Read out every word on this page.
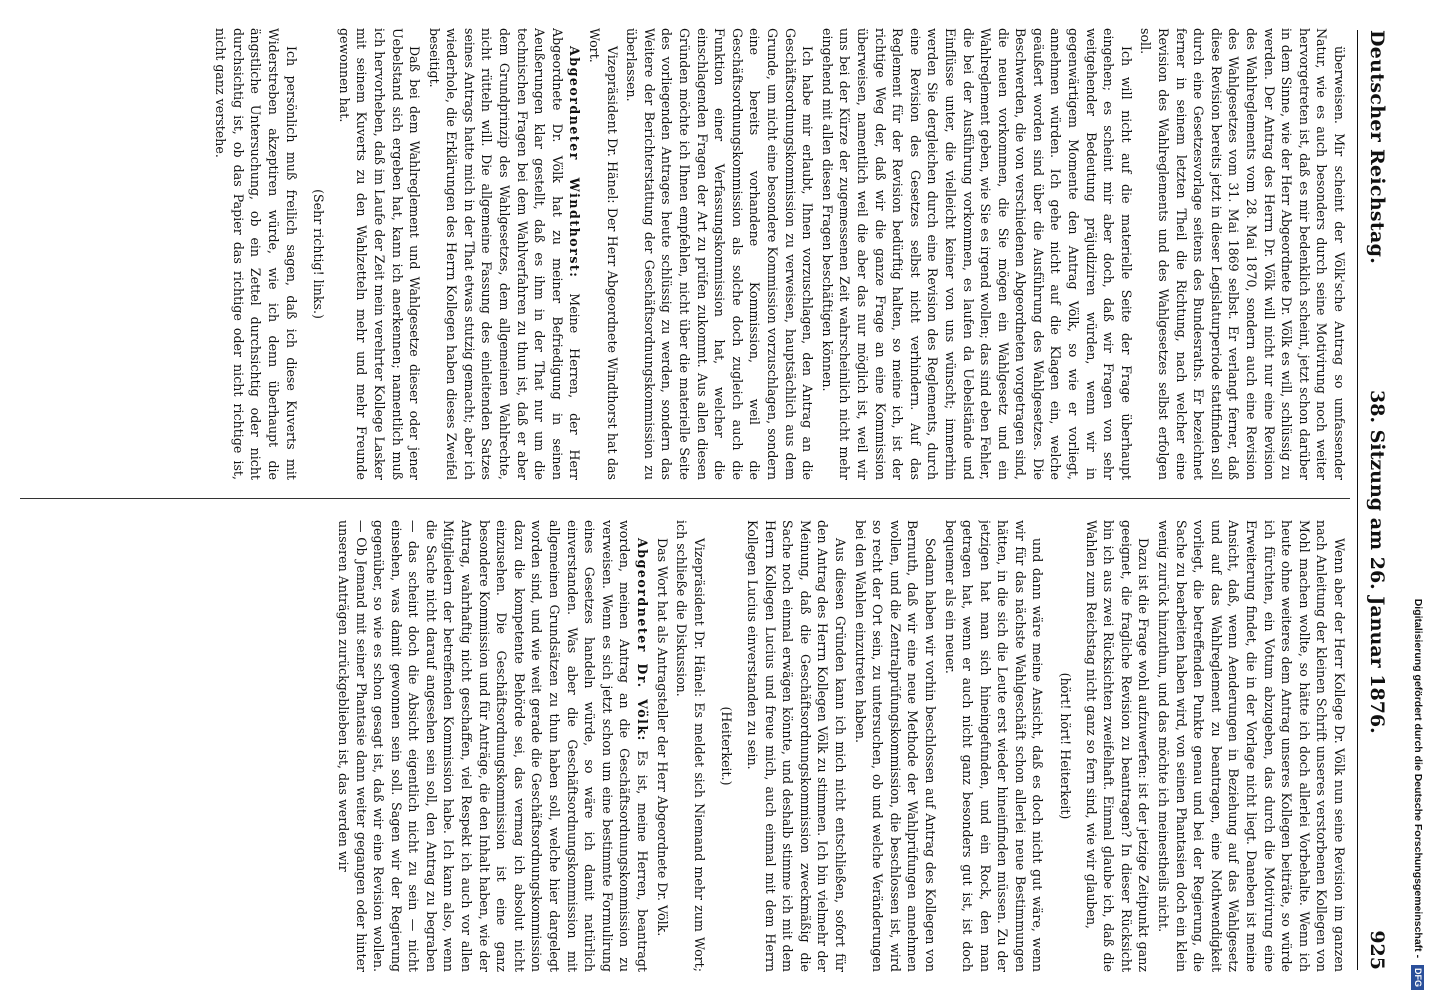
Deutscher Reichstag.
38. Sitzung am 26. Januar 1876.
925

überweisen. Mir scheint der Völk'sche Antrag so umfassender Natur, wie es auch besonders durch seine Motivirung noch weiter hervorgetreten ist, daß es mir bedenklich scheint, jetzt schon darüber in dem Sinne, wie der Herr Abgeordnete Dr. Völk es will, schlüssig zu werden. Der Antrag des Herrn Dr. Völk will nicht nur eine Revision des Wahlreglements vom 28. Mai 1870, sondern auch eine Revision des Wahlgesetzes vom 31. Mai 1869 selbst. Er verlangt ferner, daß diese Revision bereits jetzt in dieser Legislaturperiode stattfinden soll durch eine Gesetzesvorlage seitens des Bundesraths. Er bezeichnet ferner in seinem letzten Theil die Richtung, nach welcher eine Revision des Wahlreglements und des Wahlgesetzes selbst erfolgen soll.

Ich will nicht auf die materielle Seite der Frage überhaupt eingehen; es scheint mir aber doch, daß wir Fragen von sehr weitgehender Bedeutung präjudiziren würden, wenn wir in gegenwärtigem Momente den Antrag Völk, so wie er vorliegt, annehmen würden. Ich gehe nicht auf die Klagen ein, welche geäußert worden sind über die Ausführung des Wahlgesetzes. Die Beschwerden, die von verschiedenen Abgeordneten vorgetragen sind, die neuen vorkommen, die Sie mögen ein Wahlgesetz und ein Wahlreglement geben, wie Sie es irgend wollen; das sind eben Fehler, die bei der Ausführung vorkommen, es laufen da Uebelstände und Einflüsse unter, die vielleicht keiner von uns wünscht; immerhin werden Sie dergleichen durch eine Revision des Reglements, durch eine Revision des Gesetzes selbst nicht verhindern. Auf das Reglement für der Revision bedürftig halten, so meine ich, ist der richtige Weg der, daß wir die ganze Frage an eine Kommission überweisen, namentlich weil die aber das nur möglich ist, weil wir uns bei der Kürze der zugemessenen Zeit wahrscheinlich nicht mehr eingehend mit allen diesen Fragen beschäftigen können.

Ich habe mir erlaubt, Ihnen vorzuschlagen, den Antrag an die Geschäftsordnungskommission zu verweisen, hauptsächlich aus dem Grunde, um nicht eine besondere Kommission vorzuschlagen, sondern eine bereits vorhandene Kommission, weil die Geschäftsordnungskommission als solche doch zugleich auch die Funktion einer Verfassungskommission hat, welcher die einschlagenden Fragen der Art zu prüfen zukommt. Aus allen diesen Gründen möchte ich Ihnen empfehlen, nicht über die materielle Seite des vorliegenden Antrages heute schlüssig zu werden, sondern das Weitere der Berichterstattung der Geschäftsordnungskommission zu überlassen.

Vizepräsident Dr. Hänel: Der Herr Abgeordnete Windthorst hat das Wort.

Abgeordneter Windthorst: Meine Herren, der Herr Abgeordnete Dr. Völk hat zu meiner Befriedigung in seinen Aeußerungen klar gestellt, daß es ihm in der That nur um die technischen Fragen bei dem Wahlverfahren zu thun ist, daß er aber dem Grundprinzip des Wahlgesetzes, dem allgemeinen Wahlrechte, nicht rütteln will. Die allgemeine Fassung des einleitenden Satzes seines Antrags hatte mich in der That etwas stutzig gemacht; aber ich wiederhole, die Erklärungen des Herrn Kollegen haben dieses Zweifel beseitigt.

Daß bei dem Wahlreglement und Wahlgesetze dieser oder jener Uebelstand sich ergeben hat, kann ich anerkennen; namentlich muß ich hervorheben, daß im Laufe der Zeit mein verehrter Kollege Lasker mit seinem Kuverts zu den Wahlzetteln mehr und mehr Freunde gewonnen hat.

(Sehr richtig! links.)

Ich persönlich muß freilich sagen, daß ich diese Kuverts mit Widerstreben akzeptiren würde, wie ich denn überhaupt die ängstliche Untersuchung, ob ein Zettel durchsichtig oder nicht durchsichtig ist, ob das Papier das richtige oder nicht richtige ist, nicht ganz verstehe.

Wenn aber der Herr Kollege Dr. Völk nun seine Revision im ganzen nach Anleitung der kleinen Schrift unseres verstorbenen Kollegen von Mohl machen wollte, so hätte ich doch allerlei Vorbehalte. Wenn ich heute ohne weiteres dem Antrag unseres Kollegen beiträte, so würde ich fürchten, ein Votum abzugeben, das durch die Motivirung eine Erweiterung findet, die in der Vorlage nicht liegt. Daneben ist meine Ansicht, daß, wenn Aenderungen in Beziehung auf das Wahlgesetz und auf das Wahlreglement zu beantragen, eine Nothwendigkeit vorliegt, die betreffenden Punkte genau und bei der Regierung, die Sache zu bearbeiten haben wird, von seinen Phantasien doch ein klein wenig zurück hinzuthun, und das möchte ich meinestheils nicht.

Dazu ist die Frage wohl aufzuwerfen: ist der jetzige Zeitpunkt ganz geeignet, die fragliche Revision zu beantragen? In dieser Rücksicht bin ich aus zwei Rücksichten zweifelhaft. Einmal glaube ich, daß die Wahlen zum Reichstag nicht ganz so fern sind, wie wir glauben,

(hört! hört! Heiterkeit)

und dann wäre meine Ansicht, daß es doch nicht gut wäre, wenn wir für das nächste Wahlgeschäft schon allerlei neue Bestimmungen hätten, in die sich die Leute erst wieder hineinfinden müssen. Zu der jetzigen hat man sich hineingefunden, und ein Rock, den man getragen hat, wenn er auch nicht ganz besonders gut ist, ist doch bequemer als ein neuer.

Sodann haben wir vorhin beschlossen auf Antrag des Kollegen von Bernuth, daß wir eine neue Methode der Wahlprüfungen annehmen wollen, und die Zentralprüfungskommission, die beschlossen ist, wird so recht der Ort sein, zu untersuchen, ob und welche Veränderungen bei den Wahlen einzutreten haben.

Aus diesen Gründen kann ich mich nicht entschließen, sofort für den Antrag des Herrn Kollegen Völk zu stimmen. Ich bin vielmehr der Meinung, daß die Geschäftsordnungskommission zweckmäßig die Sache noch einmal erwägen könnte, und deshalb stimme ich mit dem Herrn Kollegen Lucius und freue mich, auch einmal mit dem Herrn Kollegen Lucius einverstanden zu sein.

(Heiterkeit.)

Vizepräsident Dr. Hänel: Es meldet sich Niemand mehr zum Wort; ich schließe die Diskussion.

Das Wort hat als Antragsteller der Herr Abgeordnete Dr. Völk.

Abgeordneter Dr. Völk: Es ist, meine Herren, beantragt worden, meinen Antrag an die Geschäftsordnungskommission zu verweisen. Wenn es sich jetzt schon um eine bestimmte Formulirung eines Gesetzes handeln würde, so wäre ich damit natürlich einverstanden. Was aber die Geschäftsordnungskommission mit allgemeinen Grundsätzen zu thun haben soll, welche hier dargelegt worden sind, und wie weit gerade die Geschäftsordnungskommission dazu die kompetente Behörde sei, das vermag ich absolut nicht einzusehen. Die Geschäftsordnungskommission ist eine ganz besondere Kommission und für Anträge, die den Inhalt haben, wie der Antrag, wahrhaftig nicht geschaffen, viel Respekt ich auch vor allen Mitgliedern der betreffenden Kommission habe. Ich kann also, wenn die Sache nicht darauf angesehen sein soll, den Antrag zu begraben — das scheint doch die Absicht eigentlich nicht zu sein — nicht einsehen, was damit gewonnen sein soll. Sagen wir der Regierung gegenüber, so wie es schon gesagt ist, daß wir eine Revision wollen. — Ob Jemand mit seiner Phantasie dann weiter gegangen oder hinter unseren Anträgen zurückgeblieben ist, das werden wir	Digitalisierung gefördert durch die Deutsche Forschungsgemeinschaft - DFG
